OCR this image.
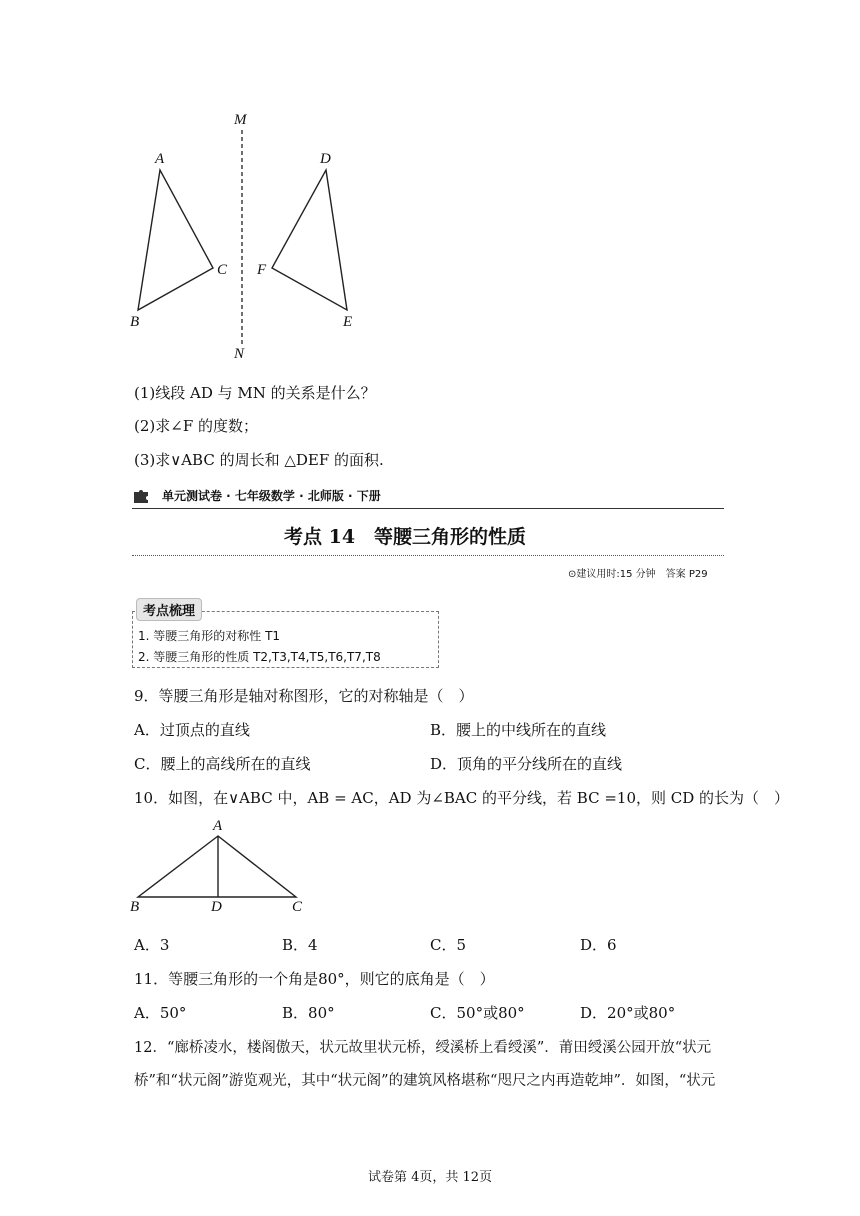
M
N
A
B
C
D
E
F
(1)线段 AD 与 MN 的关系是什么？
(2)求∠F 的度数；
(3)求∨ABC 的周长和 △DEF 的面积.
单元测试卷 · 七年级数学 · 北师版 · 下册
考点 14　等腰三角形的性质
⊙建议用时:15 分钟　答案 P29
考点梳理
1. 等腰三角形的对称性 T1
2. 等腰三角形的性质 T2,T3,T4,T5,T6,T7,T8
9．等腰三角形是轴对称图形，它的对称轴是（　）
A．过顶点的直线	B．腰上的中线所在的直线
C．腰上的高线所在的直线	D．顶角的平分线所在的直线
10．如图，在∨ABC 中，AB = AC，AD 为∠BAC 的平分线，若 BC =10，则 CD 的长为（　）
A
B	D	C
A．3	B．4	C．5	D．6
11．等腰三角形的一个角是80°，则它的底角是（　）
A．50°	B．80°	C．50°或80°	D．20°或80°
12．“廊桥凌水，楼阁傲天，状元故里状元桥，绶溪桥上看绶溪”．莆田绶溪公园开放“状元
桥”和“状元阁”游览观光，其中“状元阁”的建筑风格堪称“咫尺之内再造乾坤”．如图，“状元
试卷第 4页，共 12页
